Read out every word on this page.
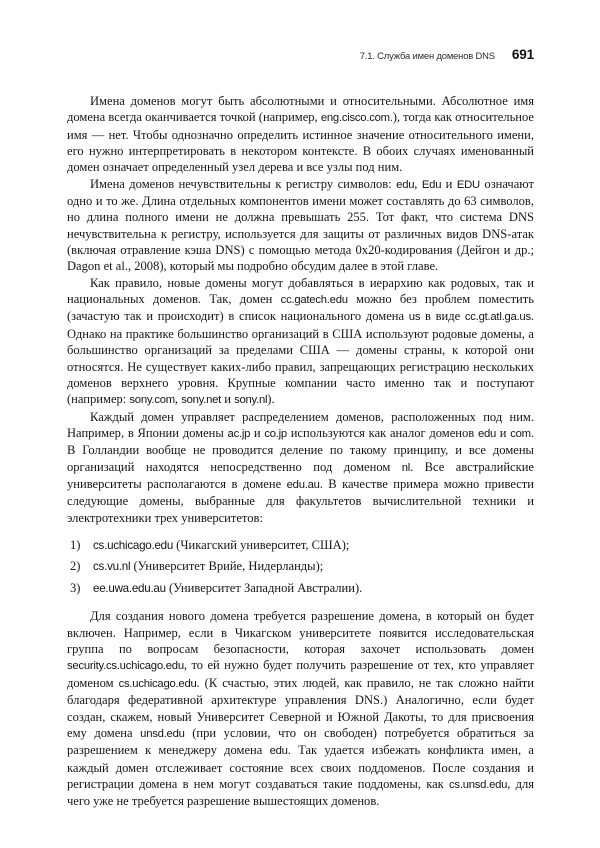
7.1. Служба имен доменов DNS 691

Имена доменов могут быть абсолютными и относительными. Абсолютное имя домена всегда оканчивается точкой (например, eng.cisco.com.), тогда как относительное имя — нет. Чтобы однозначно определить истинное значение относительного имени, его нужно интерпретировать в некотором контексте. В обоих случаях именованный домен означает определенный узел дерева и все узлы под ним.

Имена доменов нечувствительны к регистру символов: edu, Edu и EDU означают одно и то же. Длина отдельных компонентов имени может составлять до 63 символов, но длина полного имени не должна превышать 255. Тот факт, что система DNS нечувствительна к регистру, используется для защиты от различных видов DNS-атак (включая отравление кэша DNS) с помощью метода 0x20-кодирования (Дейгон и др.; Dagon et al., 2008), который мы подробно обсудим далее в этой главе.

Как правило, новые домены могут добавляться в иерархию как родовых, так и национальных доменов. Так, домен cc.gatech.edu можно без проблем поместить (зачастую так и происходит) в список национального домена us в виде cc.gt.atl.ga.us. Однако на практике большинство организаций в США используют родовые домены, а большинство организаций за пределами США — домены страны, к которой они относятся. Не существует каких-либо правил, запрещающих регистрацию нескольких доменов верхнего уровня. Крупные компании часто именно так и поступают (например: sony.com, sony.net и sony.nl).

Каждый домен управляет распределением доменов, расположенных под ним. Например, в Японии домены ac.jp и co.jp используются как аналог доменов edu и com. В Голландии вообще не проводится деление по такому принципу, и все домены организаций находятся непосредственно под доменом nl. Все австралийские университеты располагаются в домене edu.au. В качестве примера можно привести следующие домены, выбранные для факультетов вычислительной техники и электротехники трех университетов:

1)	cs.uchicago.edu (Чикагский университет, США);
2)	cs.vu.nl (Университет Врийе, Нидерланды);
3)	ee.uwa.edu.au (Университет Западной Австралии).

Для создания нового домена требуется разрешение домена, в который он будет включен. Например, если в Чикагском университете появится исследовательская группа по вопросам безопасности, которая захочет использовать домен security.cs.uchicago.edu, то ей нужно будет получить разрешение от тех, кто управляет доменом cs.uchicago.edu. (К счастью, этих людей, как правило, не так сложно найти благодаря федеративной архитектуре управления DNS.) Аналогично, если будет создан, скажем, новый Университет Северной и Южной Дакоты, то для присвоения ему домена unsd.edu (при условии, что он свободен) потребуется обратиться за разрешением к менеджеру домена edu. Так удается избежать конфликта имен, а каждый домен отслеживает состояние всех своих поддоменов. После создания и регистрации домена в нем могут создаваться такие поддомены, как cs.unsd.edu, для чего уже не требуется разрешение вышестоящих доменов.
